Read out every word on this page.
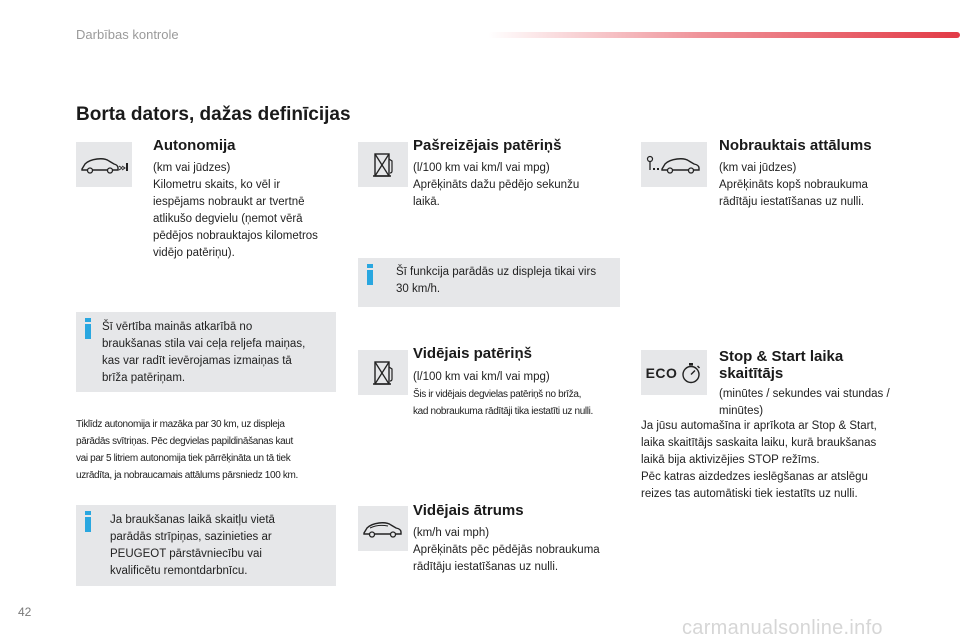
Darbības kontrole
Borta dators, dažas definīcijas
Autonomija
(km vai jūdzes)
Kilometru skaits, ko vēl ir
iespējams nobraukt ar tvertnē
atlikušo degvielu (ņemot vērā
pēdējos nobrauktajos kilometros
vidējo patēriņu).
Šī vērtība mainās atkarībā no
braukšanas stila vai ceļa reljefa maiņas,
kas var radīt ievērojamas izmaiņas tā
brīža patēriņam.
Tiklīdz autonomija ir mazāka par 30 km, uz displeja
pārādās svītriņas. Pēc degvielas papildināšanas kaut
vai par 5 litriem autonomija tiek pārrēķināta un tā tiek
uzrādīta, ja nobraucamais attālums pārsniedz 100 km.
Ja braukšanas laikā skaitļu vietā
parādās strīpiņas, sazinieties ar
PEUGEOT pārstāvniecību vai
kvalificētu remontdarbnīcu.
Pašreizējais patēriņš
(l/100 km vai km/l vai mpg)
Aprēķināts dažu pēdējo sekunžu
laikā.
Šī funkcija parādās uz displeja tikai virs
30 km/h.
Vidējais patēriņš
(l/100 km vai km/l vai mpg)
Šis ir vidējais degvielas patēriņš no brīža,
kad nobraukuma rādītāji tika iestatīti uz nulli.
Vidējais ātrums
(km/h vai mph)
Aprēķināts pēc pēdējās nobraukuma
rādītāju iestatīšanas uz nulli.
Nobrauktais attālums
(km vai jūdzes)
Aprēķināts kopš nobraukuma
rādītāju iestatīšanas uz nulli.
ECO
Stop & Start laika
skaitītājs
(minūtes / sekundes vai stundas /
minūtes)
Ja jūsu automašīna ir aprīkota ar Stop & Start,
laika skaitītājs saskaita laiku, kurā braukšanas
laikā bija aktivizējies STOP režīms.
Pēc katras aizdedzes ieslēgšanas ar atslēgu
reizes tas automātiski tiek iestatīts uz nulli.
42
carmanualsonline.info
